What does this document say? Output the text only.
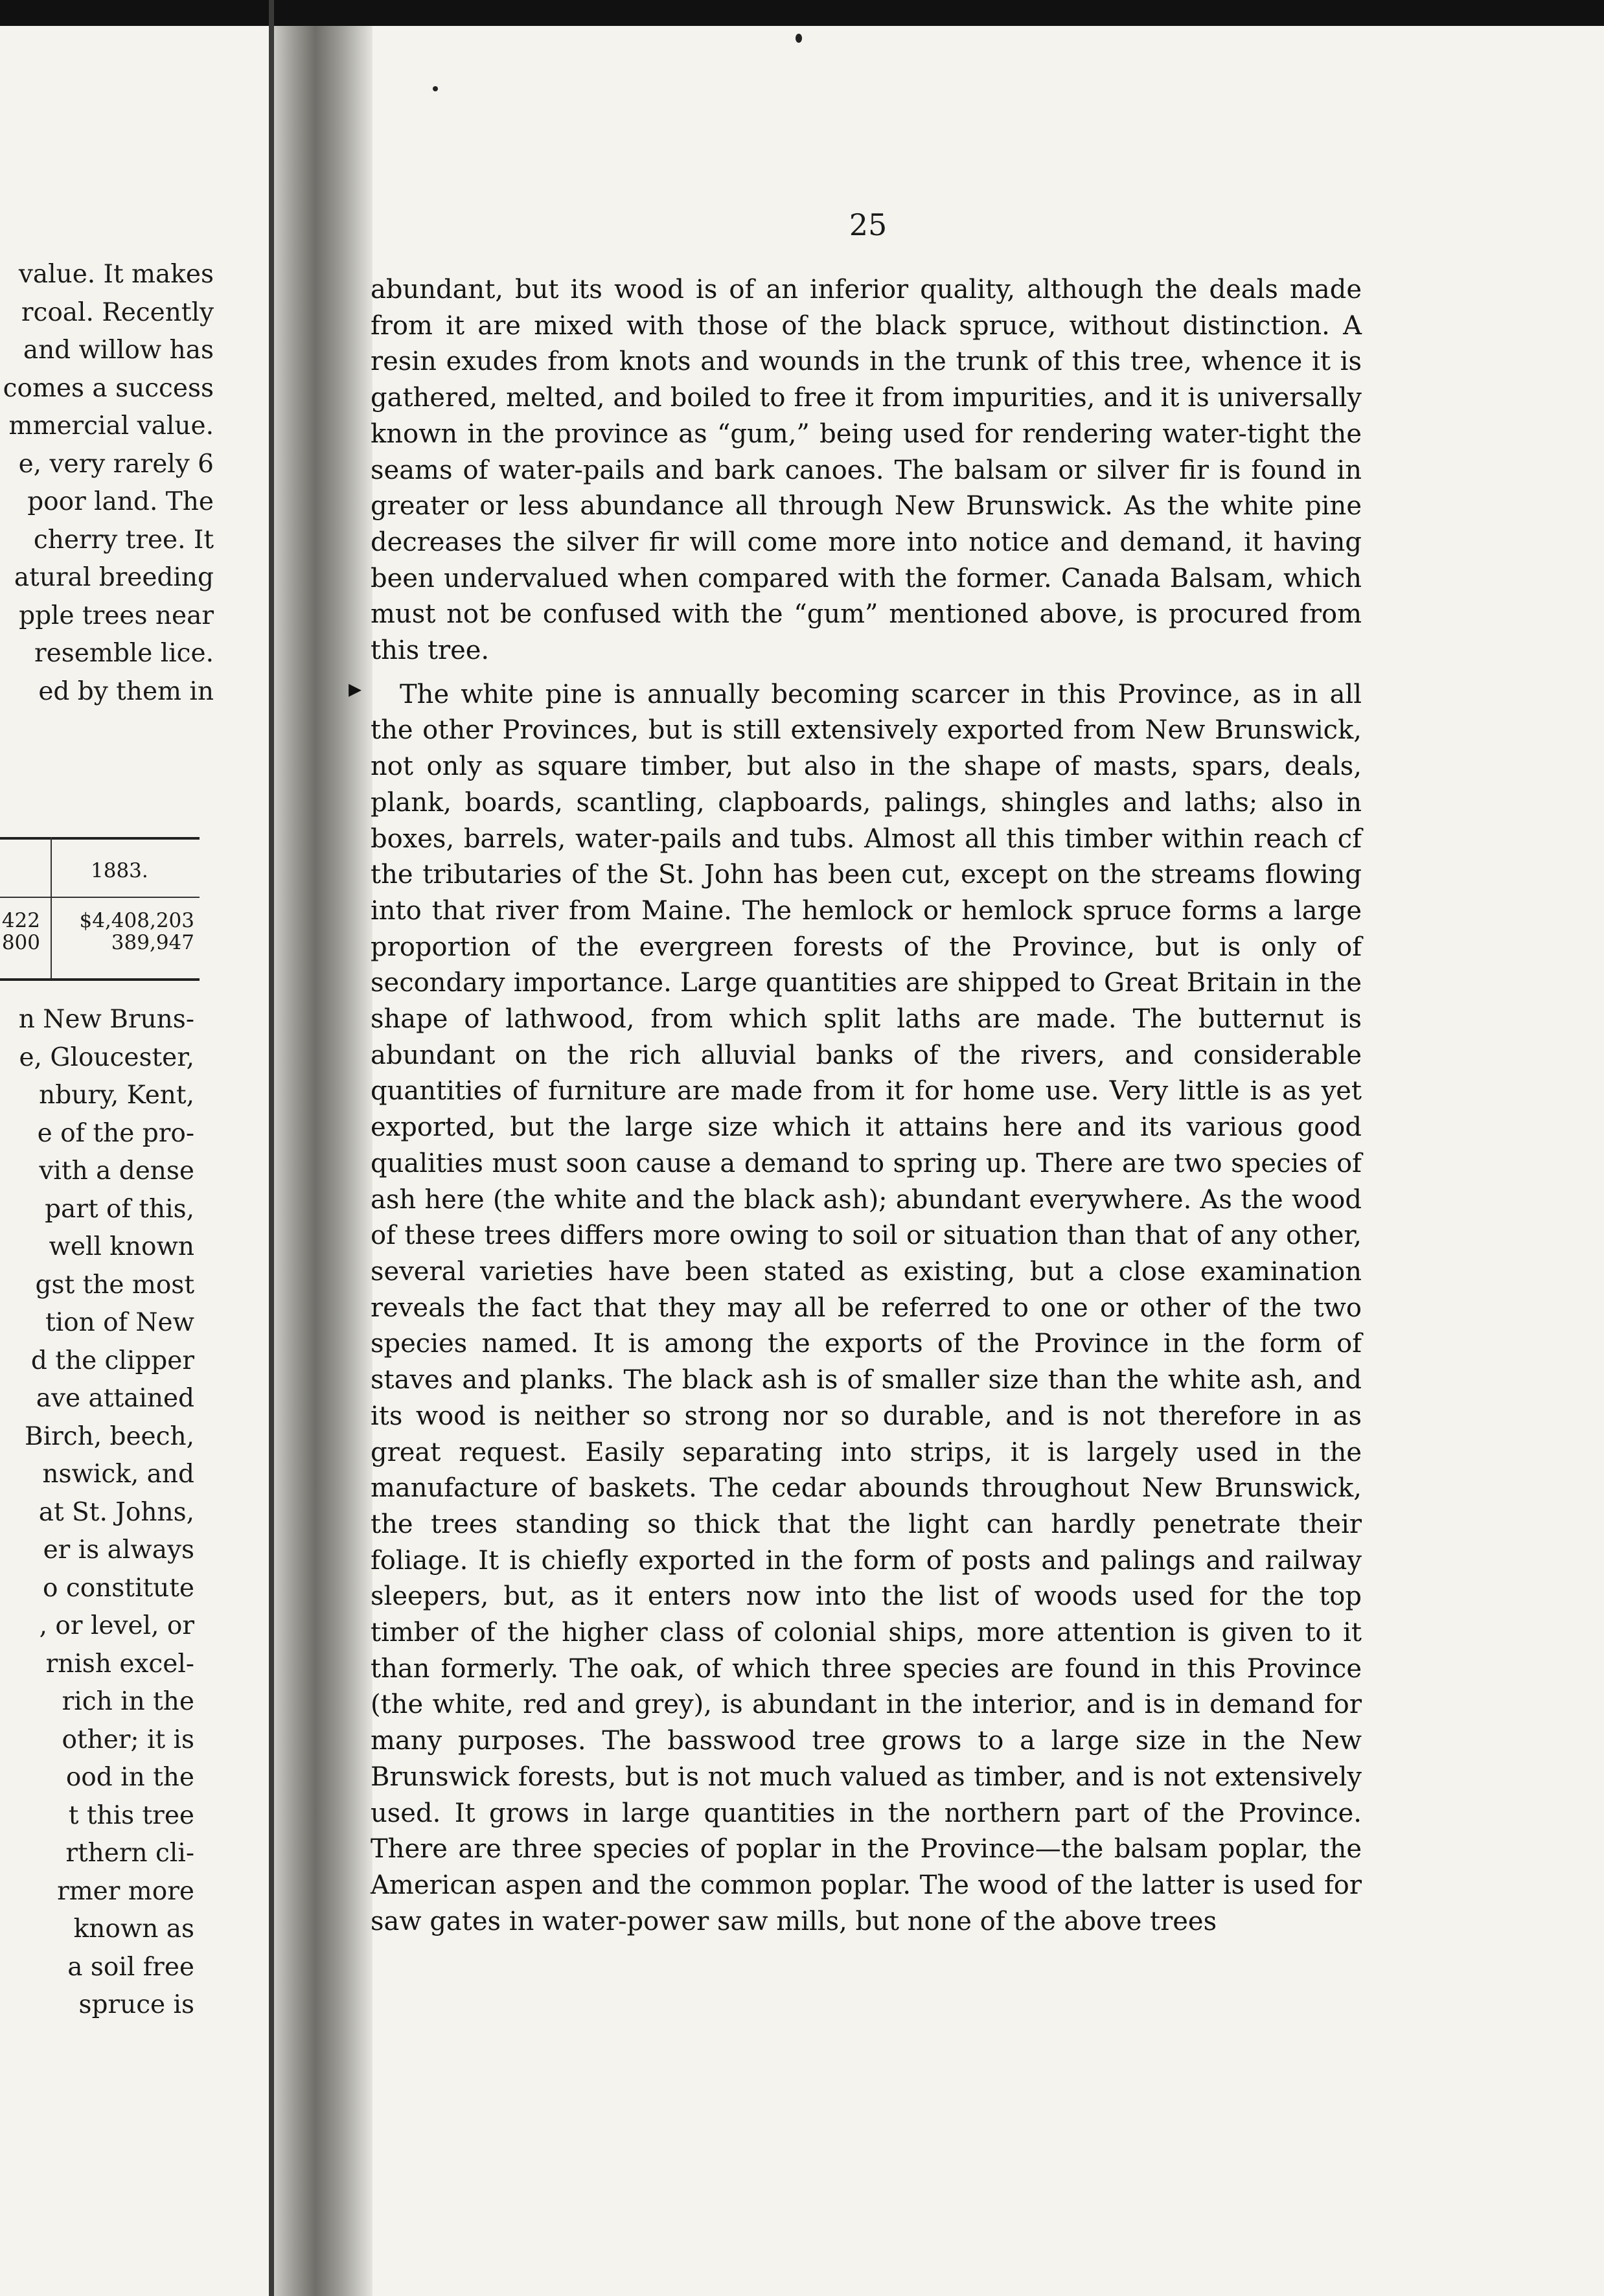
value. It makes
rcoal. Recently
and willow has
comes a success
mmercial value.
e, very rarely 6
poor land. The
cherry tree. It
atural breeding
pple trees near
resemble lice.
ed by them in
1883.
422
800
$4,408,203
389,947
n New Bruns-
e, Gloucester,
nbury, Kent,
e of the pro-
vith a dense
part of this,
well known
gst the most
tion of New
d the clipper
ave attained
Birch, beech,
nswick, and
at St. Johns,
er is always
o constitute
, or level, or
rnish excel-
rich in the
other; it is
ood in the
t this tree
rthern cli-
rmer more
known as
a soil free
spruce is
25
▸

abundant, but its wood is of an inferior quality, although the deals made from it are mixed with those of the black spruce, without distinction. A resin exudes from knots and wounds in the trunk of this tree, whence it is gathered, melted, and boiled to free it from impurities, and it is universally known in the province as “gum,” being used for rendering water-tight the seams of water-pails and bark canoes. The balsam or silver fir is found in greater or less abundance all through New Brunswick. As the white pine decreases the silver fir will come more into notice and demand, it having been undervalued when compared with the former. Canada Balsam, which must not be confused with the “gum” mentioned above, is procured from this tree.

The white pine is annually becoming scarcer in this Province, as in all the other Provinces, but is still extensively exported from New Brunswick, not only as square timber, but also in the shape of masts, spars, deals, plank, boards, scantling, clapboards, palings, shingles and laths; also in boxes, barrels, water-pails and tubs. Almost all this timber within reach cf the tributaries of the St. John has been cut, except on the streams flowing into that river from Maine. The hemlock or hemlock spruce forms a large proportion of the evergreen forests of the Province, but is only of secondary importance. Large quantities are shipped to Great Britain in the shape of lathwood, from which split laths are made. The butternut is abundant on the rich alluvial banks of the rivers, and considerable quantities of furniture are made from it for home use. Very little is as yet exported, but the large size which it attains here and its various good qualities must soon cause a demand to spring up. There are two species of ash here (the white and the black ash); abundant everywhere. As the wood of these trees differs more owing to soil or situation than that of any other, several varieties have been stated as existing, but a close examination reveals the fact that they may all be referred to one or other of the two species named. It is among the exports of the Province in the form of staves and planks. The black ash is of smaller size than the white ash, and its wood is neither so strong nor so durable, and is not therefore in as great request. Easily separating into strips, it is largely used in the manufacture of baskets. The cedar abounds throughout New Brunswick, the trees standing so thick that the light can hardly penetrate their foliage. It is chiefly exported in the form of posts and palings and railway sleepers, but, as it enters now into the list of woods used for the top timber of the higher class of colonial ships, more attention is given to it than formerly. The oak, of which three species are found in this Province (the white, red and grey), is abundant in the interior, and is in demand for many purposes. The basswood tree grows to a large size in the New Brunswick forests, but is not much valued as timber, and is not extensively used. It grows in large quantities in the northern part of the Province. There are three species of poplar in the Province—the balsam poplar, the American aspen and the common poplar. The wood of the latter is used for saw gates in water-power saw mills, but none of the above trees
